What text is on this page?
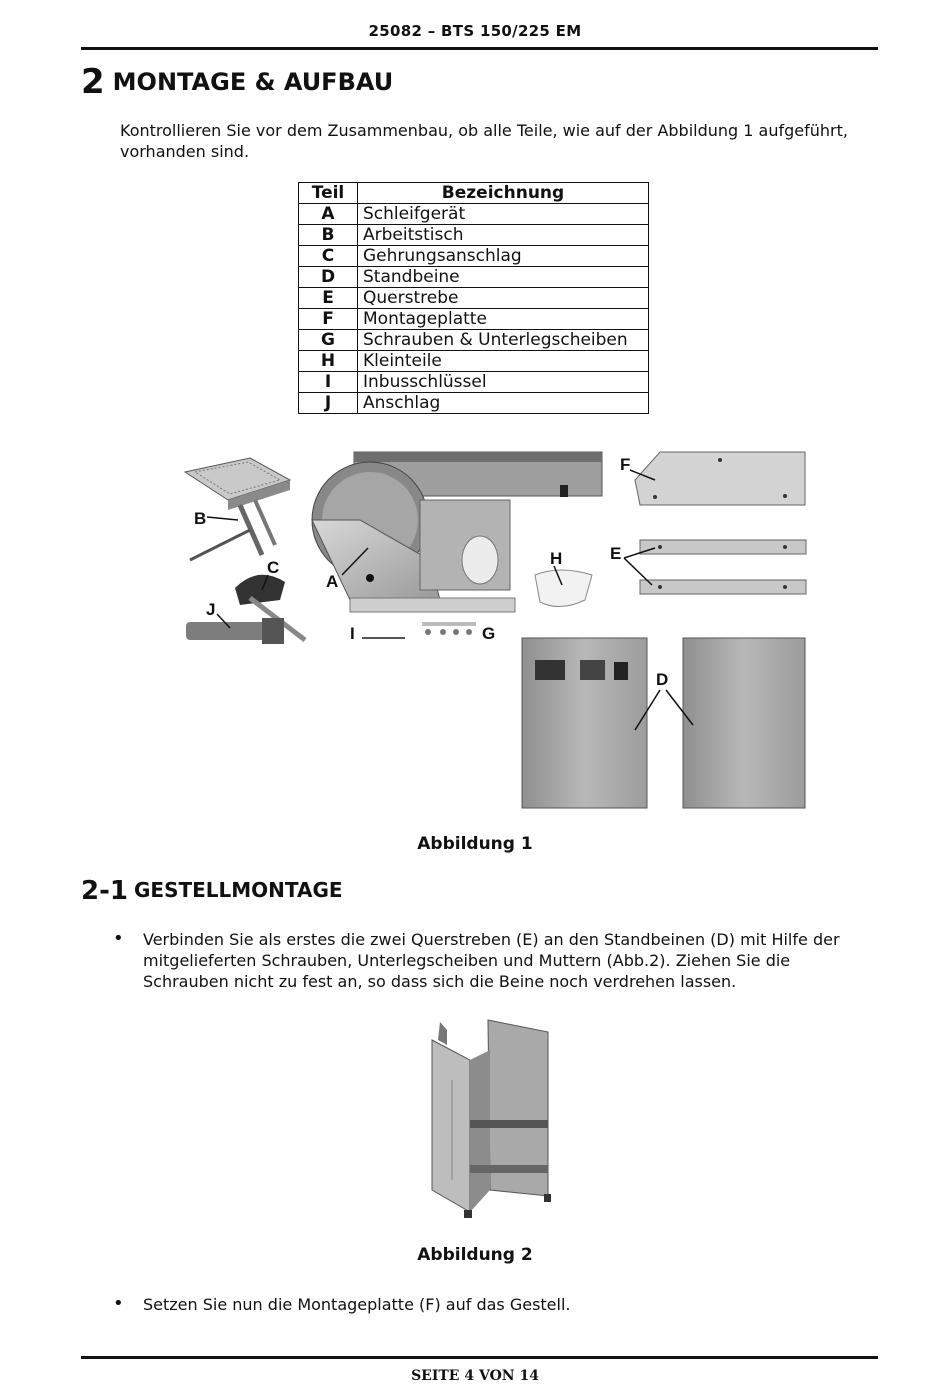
25082 – BTS 150/225 EM
2 MONTAGE & AUFBAU
Kontrollieren Sie vor dem Zusammenbau, ob alle Teile, wie auf der Abbildung 1 aufgeführt, vorhanden sind.
Teil	Bezeichnung
A	Schleifgerät
B	Arbeitstisch
C	Gehrungsanschlag
D	Standbeine
E	Querstrebe
F	Montageplatte
G	Schrauben & Unterlegscheiben
H	Kleinteile
I	Inbusschlüssel
J	Anschlag
B
C
J
A
I	G
H
F
E
D
Abbildung 1
2-1 GESTELLMONTAGE
• Verbinden Sie als erstes die zwei Querstreben (E) an den Standbeinen (D) mit Hilfe der mitgelieferten Schrauben, Unterlegscheiben und Muttern (Abb.2). Ziehen Sie die Schrauben nicht zu fest an, so dass sich die Beine noch verdrehen lassen.
Abbildung 2
• Setzen Sie nun die Montageplatte (F) auf das Gestell.
SEITE 4 VON 14
